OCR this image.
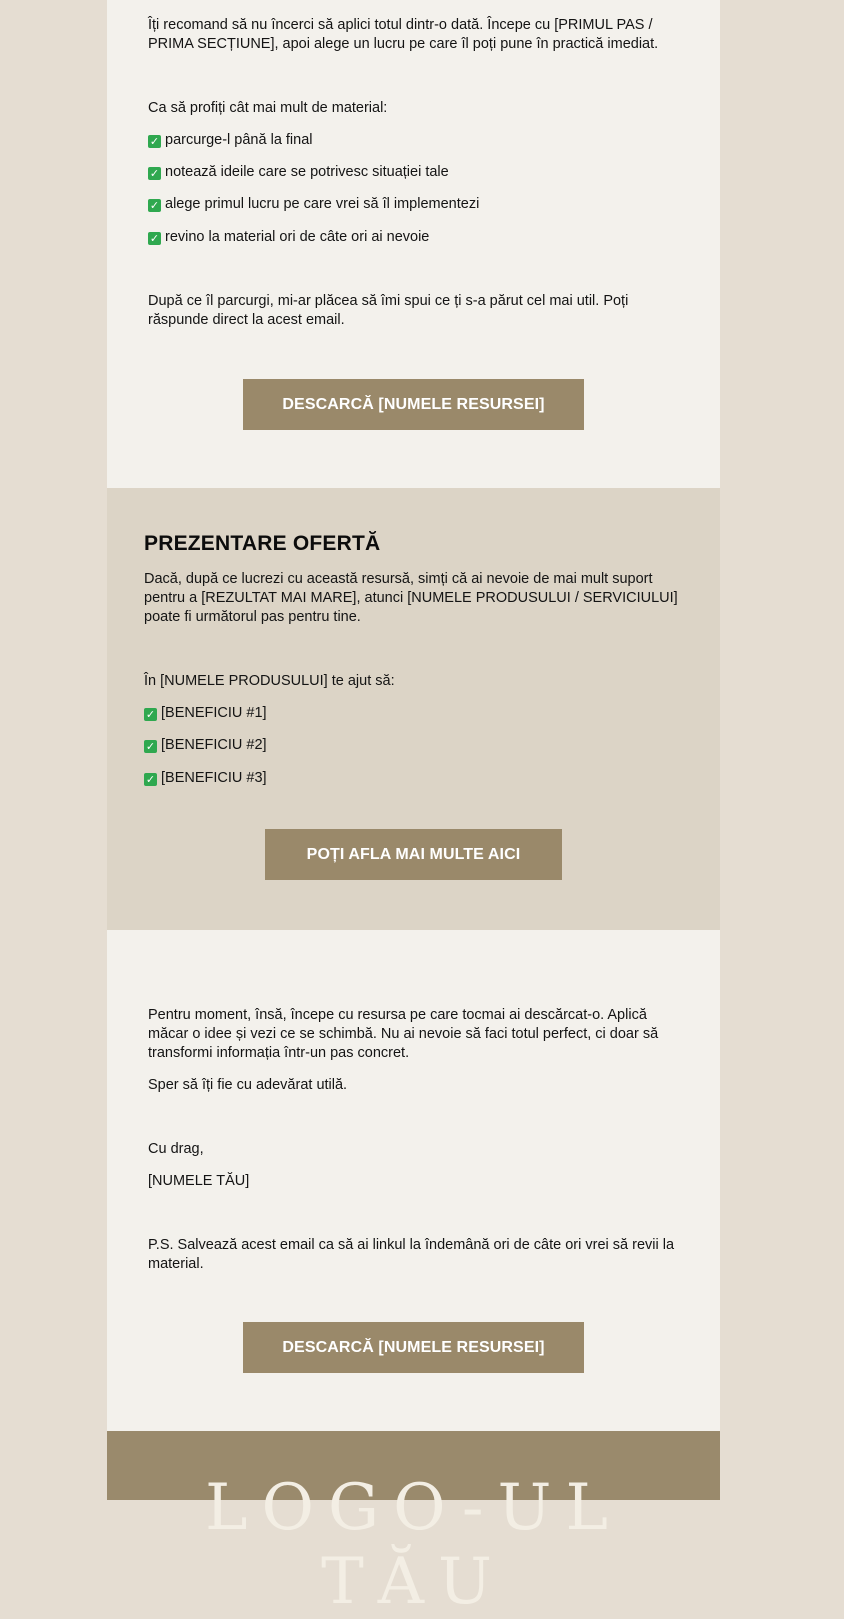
Îți recomand să nu încerci să aplici totul dintr-o dată. Începe cu [PRIMUL PAS / PRIMA SECȚIUNE], apoi alege un lucru pe care îl poți pune în practică imediat.

Ca să profiți cât mai mult de material:

✓ parcurge-l până la final

✓ notează ideile care se potrivesc situației tale

✓ alege primul lucru pe care vrei să îl implementezi

✓ revino la material ori de câte ori ai nevoie

După ce îl parcurgi, mi-ar plăcea să îmi spui ce ți s-a părut cel mai util. Poți răspunde direct la acest email.

DESCARCĂ [NUMELE RESURSEI]
PREZENTARE OFERTĂ

Dacă, după ce lucrezi cu această resursă, simți că ai nevoie de mai mult suport pentru a [REZULTAT MAI MARE], atunci [NUMELE PRODUSULUI / SERVICIULUI] poate fi următorul pas pentru tine.

În [NUMELE PRODUSULUI] te ajut să:

✓ [BENEFICIU #1]

✓ [BENEFICIU #2]

✓ [BENEFICIU #3]

POȚI AFLA MAI MULTE AICI

Pentru moment, însă, începe cu resursa pe care tocmai ai descărcat-o. Aplică măcar o idee și vezi ce se schimbă. Nu ai nevoie să faci totul perfect, ci doar să transformi informația într-un pas concret.

Sper să îți fie cu adevărat utilă.

Cu drag,

[NUMELE TĂU]

P.S. Salvează acest email ca să ai linkul la îndemână ori de câte ori vrei să revii la material.

DESCARCĂ [NUMELE RESURSEI]
LOGO-UL TĂU
